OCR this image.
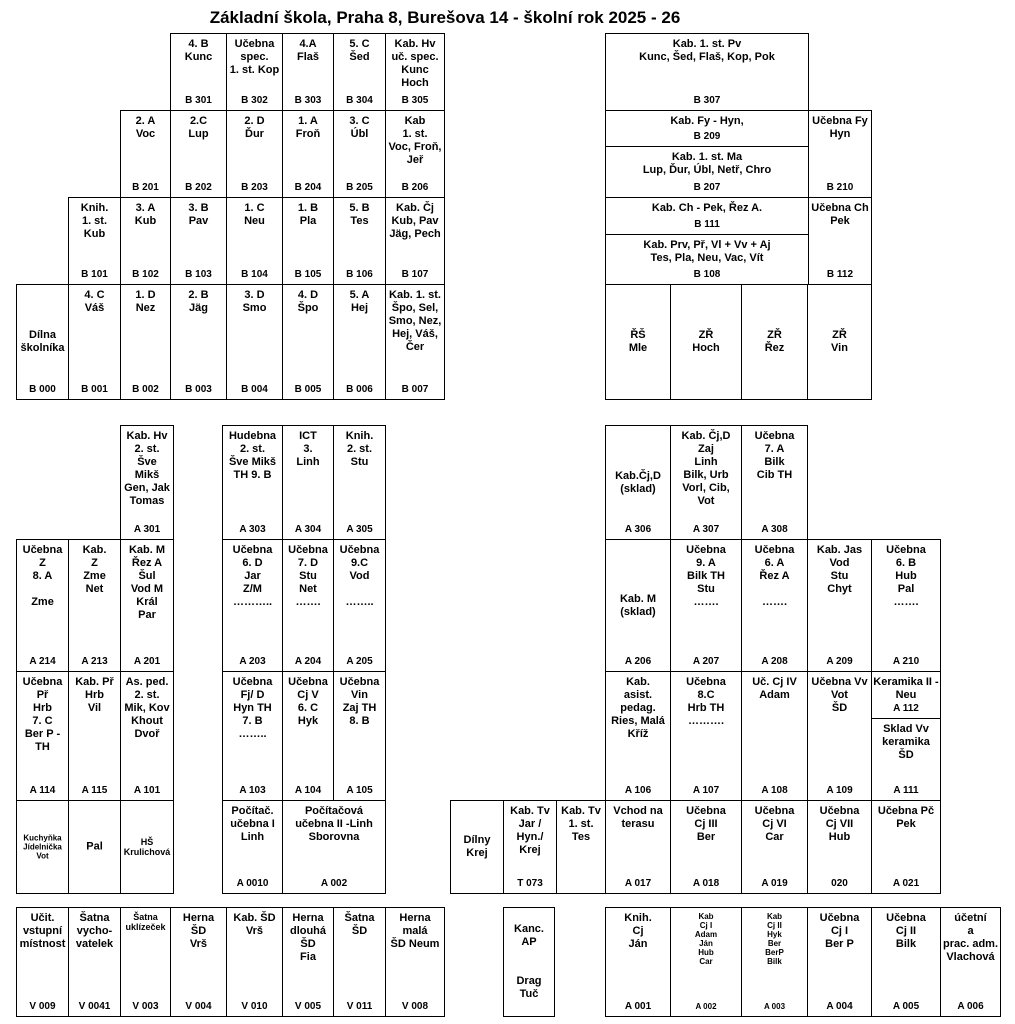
Základní škola, Praha 8, Burešova 14 - školní rok 2025 - 26
4. B
Kunc
B 301
Učebna
spec.
1. st. Kop
B 302
4.A
Flaš
B 303
5. C
Šed
B 304
Kab. Hv
uč. spec.
Kunc
Hoch
B 305
2. A
Voc
B 201
2.C
Lup
B 202
2. D
Ďur
B 203
1. A
Froň
B 204
3. C
Úbl
B 205
Kab
1. st.
Voc, Froň,
Jeř
B 206
Knih.
1. st.
Kub
B 101
3. A
Kub
B 102
3. B
Pav
B 103
1. C
Neu
B 104
1. B
Pla
B 105
5. B
Tes
B 106
Kab. Čj
Kub, Pav
Jäg, Pech
B 107
Dílna
školníka
B 000
4. C
Váš
B 001
1. D
Nez
B 002
2. B
Jäg
B 003
3. D
Smo
B 004
4. D
Špo
B 005
5. A
Hej
B 006
Kab. 1. st.
Špo, Sel,
Smo, Nez,
Hej, Váš,
Čer
B 007
Kab. 1. st. Pv
Kunc, Šed, Flaš, Kop, Pok
B 307
Kab. Fy - Hyn,
B 209
Učebna Fy
Hyn
B 210
Kab. 1. st. Ma
Lup, Ďur, Úbl, Netř, Chro
B 207
Kab. Ch - Pek, Řez A.
B 111
Učebna Ch
Pek
B 112
Kab. Prv, Př, Vl + Vv + Aj
Tes, Pla, Neu, Vac, Vít
B 108
ŘŠ
Mle
ZŘ
Hoch
ZŘ
Řez
ZŘ
Vin
Kab. Hv
2. st.
Šve
Mikš
Gen, Jak
Tomas
A 301
Hudebna
2. st.
Šve Mikš
TH 9. B
A 303
ICT
3.
Linh
A 304
Knih.
2. st.
Stu
A 305
Učebna Z
8. A

Zme
A 214
Kab.
Z
Zme
Net
A 213
Kab. M
Řez A
Šul
Vod M
Král
Par
A 201
Učebna
6. D
Jar
Z/M
………..
A 203
Učebna
7. D
Stu
Net
…….
A 204
Učebna
9.C
Vod

……..
A 205
Učebna
Př
Hrb
7. C
Ber P -
TH
A 114
Kab. Př
Hrb
Vil
A 115
As. ped.
2. st.
Mik, Kov
Khout
Dvoř
A 101
Učebna
Fj/ D
Hyn TH
7. B
……..
A 103
Učebna
Cj V
6. C
Hyk
A 104
Učebna
Vin
Zaj TH
8. B
A 105
Kuchyňka
Jídelnička
Vot
Pal	HŠ
Krulichová
Počítač.
učebna I
Linh
A 0010
Počítačová
učebna II -Linh
Sborovna
A 002
Učit.
vstupní
místnost
V 009
Šatna
vycho-
vatelek
V 0041
Šatna
uklízeček
V 003
Herna
ŠD
Vrš
V 004
Kab. ŠD
Vrš
V 010
Herna
dlouhá
ŠD
Fia
V 005
Šatna
ŠD
V 011
Herna malá
ŠD Neum
V 008
Kab.Čj,D
(sklad)
A 306
Kab. Čj,D
Zaj
Linh
Bilk, Urb
Vorl, Cib,
Vot
A 307
Učebna
7. A
Bilk
Cib TH
A 308
Kab. M
(sklad)
A 206
Učebna
9. A
Bilk TH
Stu
…….
A 207
Učebna
6. A
Řez A

…….
A 208
Kab. Jas
Vod
Stu
Chyt
A 209
Učebna
6. B
Hub
Pal
…….
A 210
Kab.
asist.
pedag.
Ries, Malá
Kříž
A 106
Učebna
8.C
Hrb TH
……….
A 107
Uč. Cj IV
Adam
A 108
Učebna Vv
Vot
ŠD
A 109
Keramika II -
Neu
A 112
Sklad Vv
keramika
ŠD
A 111
Dílny
Krej
Kab. Tv
Jar /
Hyn./
Krej
T 073
Kab. Tv
1. st.
Tes
Vchod na
terasu
A 017
Učebna
Cj III
Ber
A 018
Učebna
Cj VI
Car
A 019
Učebna
Cj VII
Hub
020
Učebna Pč
Pek
A 021
Kanc.
AP

Drag
Tuč
Knih.
Cj
Ján
A 001
Kab
Cj I
Adam
Ján
Hub
Car
A 002
Kab
Cj II
Hyk
Ber
BerP
Bilk
A 003
Učebna
Cj I
Ber P
A 004
Učebna
Cj II
Bilk
A 005
účetní
a
prac. adm.
Vlachová
A 006
